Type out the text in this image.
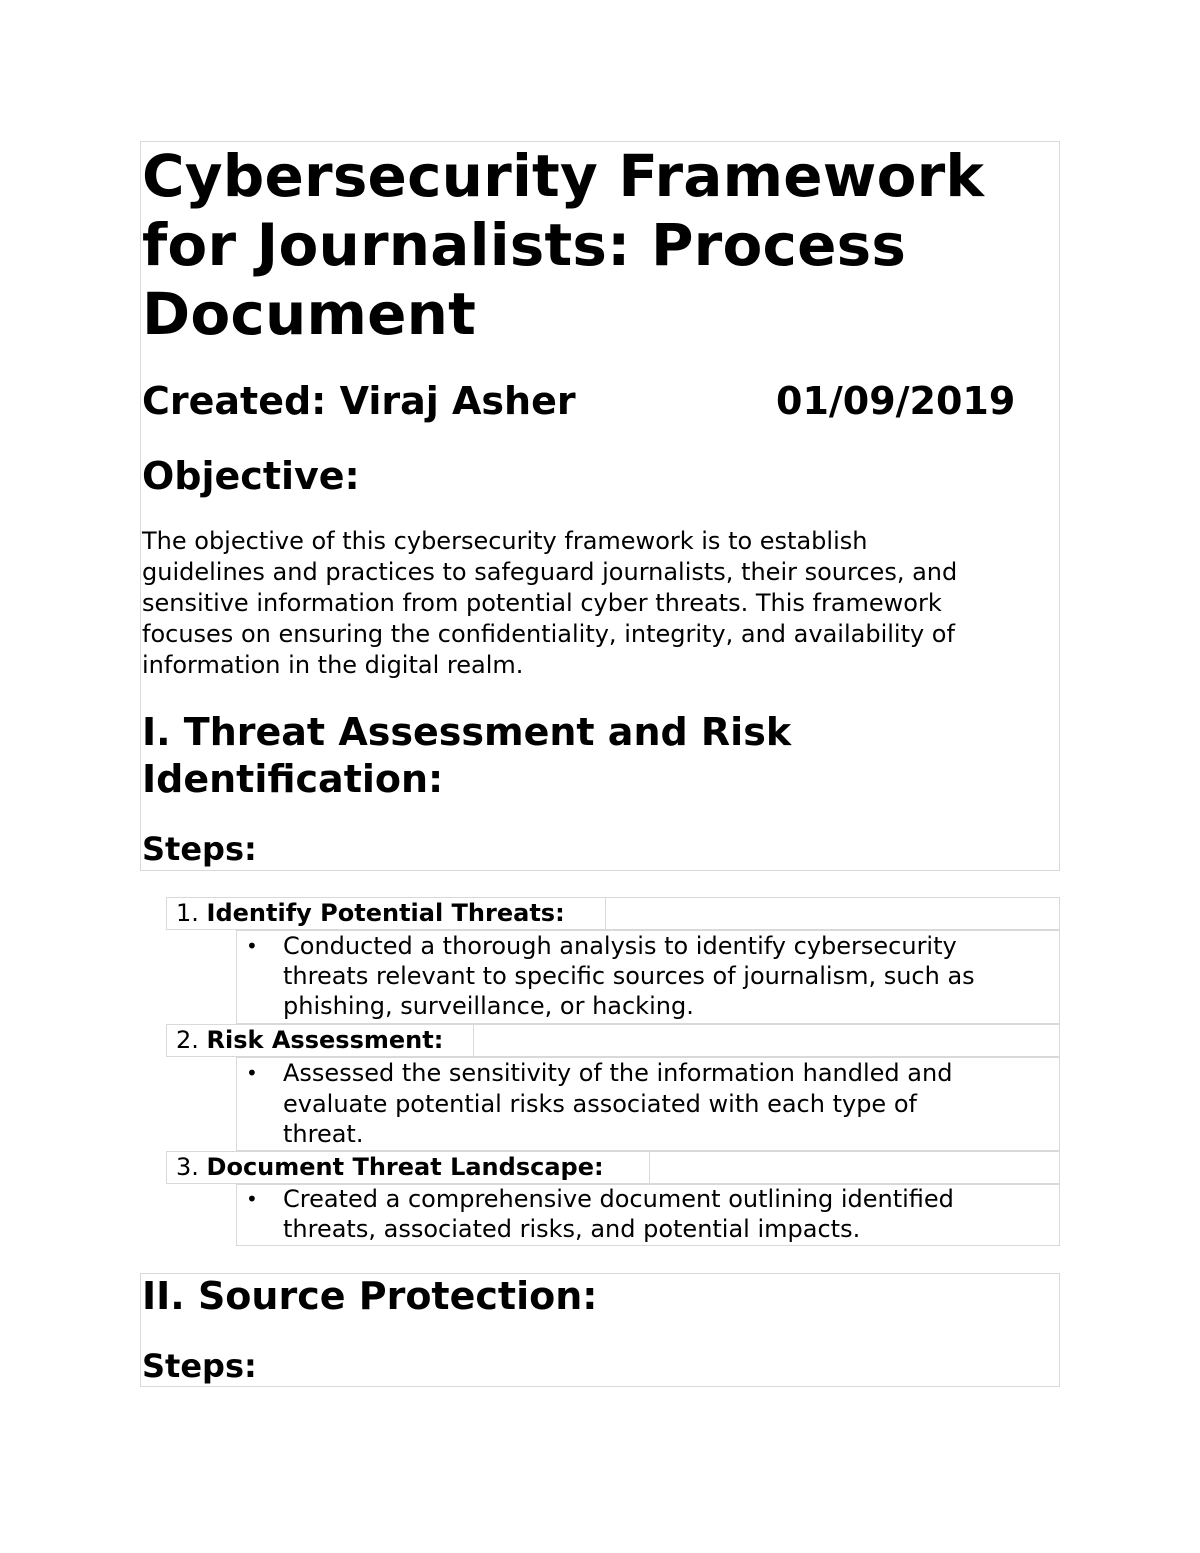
Cybersecurity Framework
for Journalists: Process
Document
Created: Viraj Asher	01/09/2019
Objective:
The objective of this cybersecurity framework is to establish
guidelines and practices to safeguard journalists, their sources, and
sensitive information from potential cyber threats. This framework
focuses on ensuring the confidentiality, integrity, and availability of
information in the digital realm.
I. Threat Assessment and Risk
Identification:
Steps:
1. Identify Potential Threats:
• Conducted a thorough analysis to identify cybersecurity
threats relevant to specific sources of journalism, such as
phishing, surveillance, or hacking.
2. Risk Assessment:
• Assessed the sensitivity of the information handled and
evaluate potential risks associated with each type of
threat.
3. Document Threat Landscape:
• Created a comprehensive document outlining identified
threats, associated risks, and potential impacts.
II. Source Protection:
Steps:
